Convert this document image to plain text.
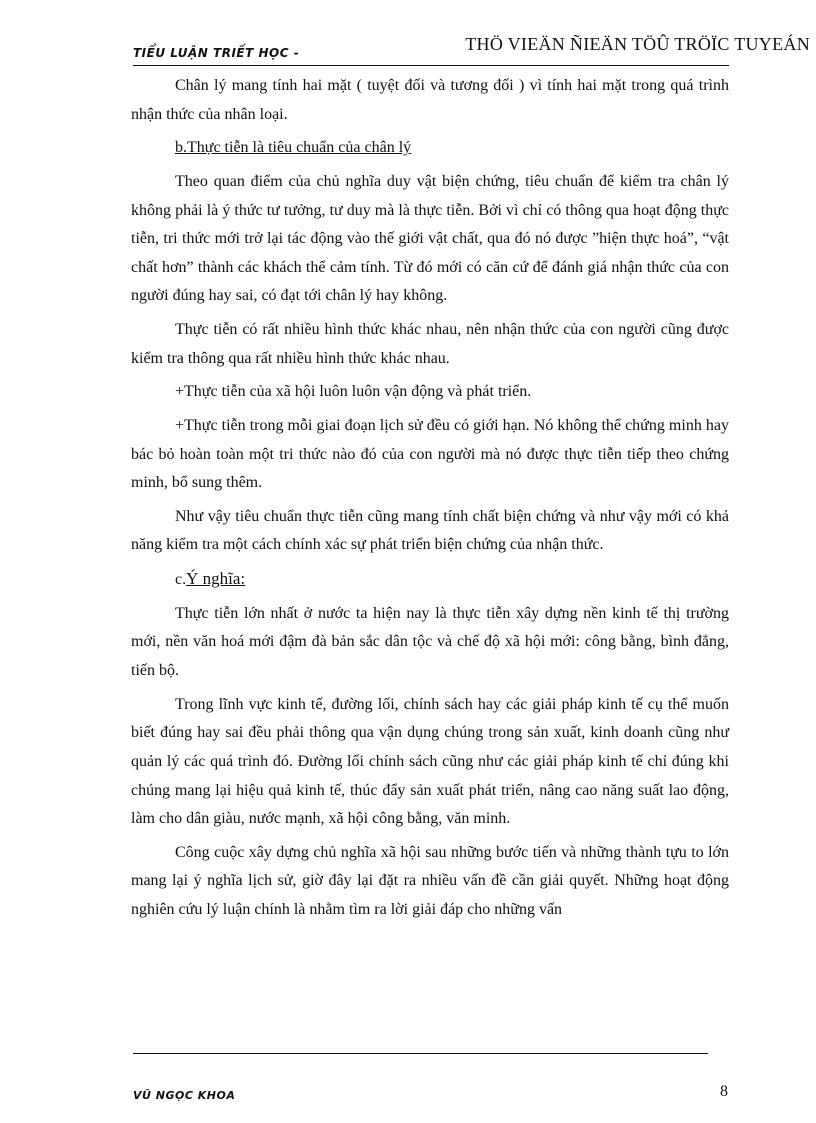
TIỂU LUẬN TRIẾT HỌC -	THÖ VIEÄN ÑIEÄN TÖÛ TRÖÏC TUYEÁN

Chân lý mang tính hai mặt ( tuyệt đối và tương đối ) vì tính hai mặt trong quá trình nhận thức của nhân loại.

b.Thực tiễn là tiêu chuẩn của chân lý

Theo quan điểm của chủ nghĩa duy vật biện chứng, tiêu chuẩn để kiểm tra chân lý không phải là ý thức tư tưởng, tư duy mà là thực tiễn. Bởi vì chỉ có thông qua hoạt động thực tiễn, tri thức mới trở lại tác động vào thế giới vật chất, qua đó nó được ”hiện thực hoá”, “vật chất hơn” thành các khách thể cảm tính. Từ đó mới có căn cứ để đánh giá nhận thức của con người đúng hay sai, có đạt tới chân lý hay không.

Thực tiễn có rất nhiều hình thức khác nhau, nên nhận thức của con người cũng được kiểm tra thông qua rất nhiều hình thức khác nhau.

+Thực tiễn của xã hội luôn luôn vận động và phát triển.

+Thực tiễn trong mỗi giai đoạn lịch sử đều có giới hạn. Nó không thể chứng minh hay bác bỏ hoàn toàn một tri thức nào đó của con người mà nó được thực tiễn tiếp theo chứng minh, bổ sung thêm.

Như vậy tiêu chuẩn thực tiễn cũng mang tính chất biện chứng và như vậy mới có khả năng kiểm tra một cách chính xác sự phát triển biện chứng của nhận thức.

c.Ý nghĩa:

Thực tiễn lớn nhất ở nước ta hiện nay là thực tiễn xây dựng nền kinh tế thị trường mới, nền văn hoá mới đậm đà bản sắc dân tộc và chế độ xã hội mới: công bằng, bình đẳng, tiến bộ.

Trong lĩnh vực kinh tế, đường lối, chính sách hay các giải pháp kinh tế cụ thể muốn biết đúng hay sai đều phải thông qua vận dụng chúng trong sản xuất, kinh doanh cũng như quản lý các quá trình đó. Đường lối chính sách cũng như các giải pháp kinh tế chỉ đúng khi chúng mang lại hiệu quả kinh tế, thúc đẩy sản xuất phát triển, nâng cao năng suất lao động, làm cho dân giàu, nước mạnh, xã hội công bằng, văn minh.

Công cuộc xây dựng chủ nghĩa xã hội sau những bước tiến và những thành tựu to lớn mang lại ý nghĩa lịch sử, giờ đây lại đặt ra nhiều vấn đề cần giải quyết. Những hoạt động nghiên cứu lý luận chính là nhằm tìm ra lời giải đáp cho những vấn

VŨ NGỌC KHOA	8
